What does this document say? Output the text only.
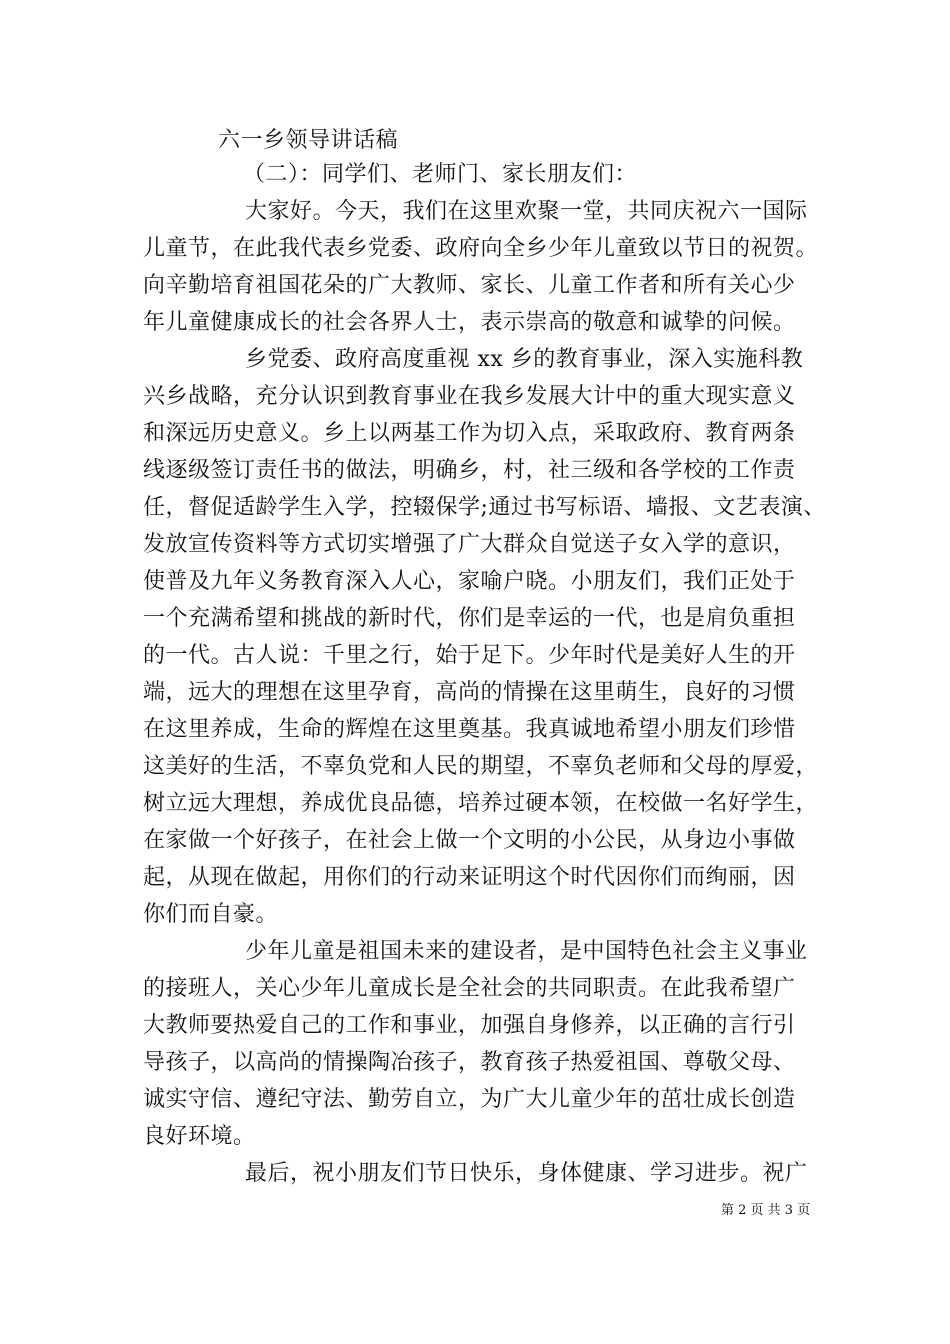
六一乡领导讲话稿
（二）：同学们、老师门、家长朋友们：
大家好。今天，我们在这里欢聚一堂，共同庆祝六一国际
儿童节，在此我代表乡党委、政府向全乡少年儿童致以节日的祝贺。
向辛勤培育祖国花朵的广大教师、家长、儿童工作者和所有关心少
年儿童健康成长的社会各界人士，表示崇高的敬意和诚挚的问候。
乡党委、政府高度重视 xx 乡的教育事业，深入实施科教
兴乡战略，充分认识到教育事业在我乡发展大计中的重大现实意义
和深远历史意义。乡上以两基工作为切入点，采取政府、教育两条
线逐级签订责任书的做法，明确乡，村，社三级和各学校的工作责
任，督促适龄学生入学，控辍保学;通过书写标语、墙报、文艺表演、
发放宣传资料等方式切实增强了广大群众自觉送子女入学的意识，
使普及九年义务教育深入人心，家喻户晓。小朋友们，我们正处于
一个充满希望和挑战的新时代，你们是幸运的一代，也是肩负重担
的一代。古人说：千里之行，始于足下。少年时代是美好人生的开
端，远大的理想在这里孕育，高尚的情操在这里萌生，良好的习惯
在这里养成，生命的辉煌在这里奠基。我真诚地希望小朋友们珍惜
这美好的生活，不辜负党和人民的期望，不辜负老师和父母的厚爱，
树立远大理想，养成优良品德，培养过硬本领，在校做一名好学生，
在家做一个好孩子，在社会上做一个文明的小公民，从身边小事做
起，从现在做起，用你们的行动来证明这个时代因你们而绚丽，因
你们而自豪。
少年儿童是祖国未来的建设者，是中国特色社会主义事业
的接班人，关心少年儿童成长是全社会的共同职责。在此我希望广
大教师要热爱自己的工作和事业，加强自身修养，以正确的言行引
导孩子，以高尚的情操陶冶孩子，教育孩子热爱祖国、尊敬父母、
诚实守信、遵纪守法、勤劳自立，为广大儿童少年的茁壮成长创造
良好环境。
最后，祝小朋友们节日快乐，身体健康、学习进步。祝广
第 2 页 共 3 页
